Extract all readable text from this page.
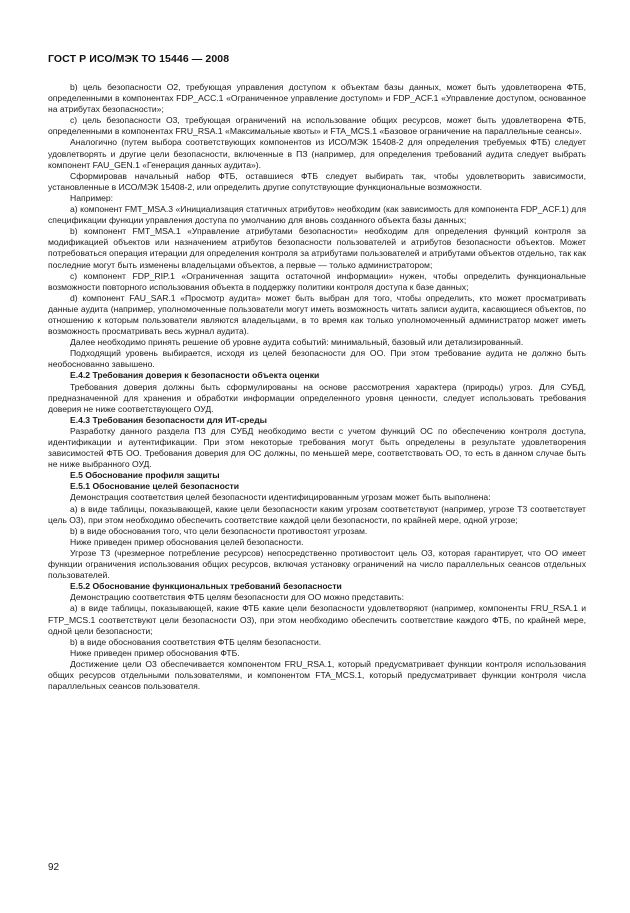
ГОСТ Р ИСО/МЭК ТО 15446 — 2008

b) цель безопасности О2, требующая управления доступом к объектам базы данных, может быть удовлетворена ФТБ, определенными в компонентах FDP_ACC.1 «Ограниченное управление доступом» и FDP_ACF.1 «Управление доступом, основанное на атрибутах безопасности»;

c) цель безопасности О3, требующая ограничений на использование общих ресурсов, может быть удовлетворена ФТБ, определенными в компонентах FRU_RSA.1 «Максимальные квоты» и FTA_MCS.1 «Базовое ограничение на параллельные сеансы».

Аналогично (путем выбора соответствующих компонентов из ИСО/МЭК 15408-2 для определения требуемых ФТБ) следует удовлетворять и другие цели безопасности, включенные в ПЗ (например, для определения требований аудита следует выбрать компонент FAU_GEN.1 «Генерация данных аудита»).

Сформировав начальный набор ФТБ, оставшиеся ФТБ следует выбирать так, чтобы удовлетворить зависимости, установленные в ИСО/МЭК 15408-2, или определить другие сопутствующие функциональные возможности.

Например:

a) компонент FMT_MSA.3 «Инициализация статичных атрибутов» необходим (как зависимость для компонента FDP_ACF.1) для спецификации функции управления доступа по умолчанию для вновь созданного объекта базы данных;

b) компонент FMT_MSA.1 «Управление атрибутами безопасности» необходим для определения функций контроля за модификацией объектов или назначением атрибутов безопасности пользователей и атрибутов безопасности объектов. Может потребоваться операция итерации для определения контроля за атрибутами пользователей и атрибутами объектов отдельно, так как последние могут быть изменены владельцами объектов, а первые — только администратором;

c) компонент FDP_RIP.1 «Ограниченная защита остаточной информации» нужен, чтобы определить функциональные возможности повторного использования объекта в поддержку политики контроля доступа к базе данных;

d) компонент FAU_SAR.1 «Просмотр аудита» может быть выбран для того, чтобы определить, кто может просматривать данные аудита (например, уполномоченные пользователи могут иметь возможность читать записи аудита, касающиеся объектов, по отношению к которым пользователи являются владельцами, в то время как только уполномоченный администратор может иметь возможность просматривать весь журнал аудита).

Далее необходимо принять решение об уровне аудита событий: минимальный, базовый или детализированный.

Подходящий уровень выбирается, исходя из целей безопасности для ОО. При этом требование аудита не должно быть необоснованно завышено.

Е.4.2 Требования доверия к безопасности объекта оценки

Требования доверия должны быть сформулированы на основе рассмотрения характера (природы) угроз. Для СУБД, предназначенной для хранения и обработки информации определенного уровня ценности, следует использовать требования доверия не ниже соответствующего ОУД.

Е.4.3 Требования безопасности для ИТ-среды

Разработку данного раздела ПЗ для СУБД необходимо вести с учетом функций ОС по обеспечению контроля доступа, идентификации и аутентификации. При этом некоторые требования могут быть определены в результате удовлетворения зависимостей ФТБ ОО. Требования доверия для ОС должны, по меньшей мере, соответствовать ОО, то есть в данном случае быть не ниже выбранного ОУД.

Е.5 Обоснование профиля защиты

Е.5.1 Обоснование целей безопасности

Демонстрация соответствия целей безопасности идентифицированным угрозам может быть выполнена:

a) в виде таблицы, показывающей, какие цели безопасности каким угрозам соответствуют (например, угрозе Т3 соответствует цель О3), при этом необходимо обеспечить соответствие каждой цели безопасности, по крайней мере, одной угрозе;

b) в виде обоснования того, что цели безопасности противостоят угрозам.

Ниже приведен пример обоснования целей безопасности.

Угрозе Т3 (чрезмерное потребление ресурсов) непосредственно противостоит цель О3, которая гарантирует, что ОО имеет функции ограничения использования общих ресурсов, включая установку ограничений на число параллельных сеансов отдельных пользователей.

Е.5.2 Обоснование функциональных требований безопасности

Демонстрацию соответствия ФТБ целям безопасности для ОО можно представить:

a) в виде таблицы, показывающей, какие ФТБ какие цели безопасности удовлетворяют (например, компоненты FRU_RSA.1 и FTP_MCS.1 соответствуют цели безопасности О3), при этом необходимо обеспечить соответствие каждого ФТБ, по крайней мере, одной цели безопасности;

b) в виде обоснования соответствия ФТБ целям безопасности.

Ниже приведен пример обоснования ФТБ.

Достижение цели О3 обеспечивается компонентом FRU_RSA.1, который предусматривает функции контроля использования общих ресурсов отдельными пользователями, и компонентом FTA_MCS.1, который предусматривает функции контроля числа параллельных сеансов пользователя.

92
